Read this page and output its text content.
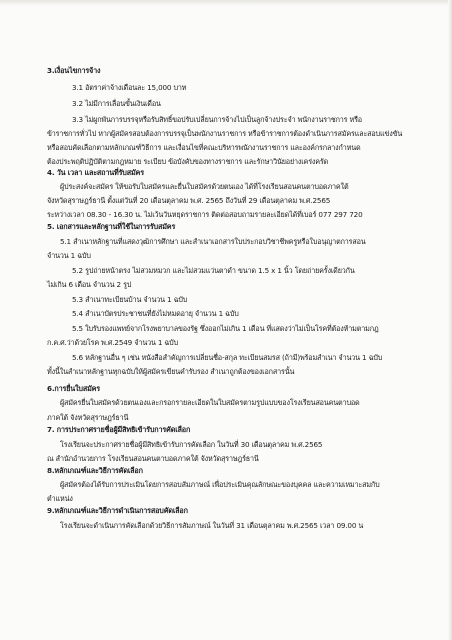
3.เงื่อนไขการจ้าง
3.1 อัตราค่าจ้างเดือนละ 15,000 บาท
3.2 ไม่มีการเลื่อนขั้นเงินเดือน
3.3 ไม่ผูกพันการบรรจุหรือรับสิทธิ์ขอปรับเปลี่ยนการจ้างไปเป็นลูกจ้างประจำ พนักงานราชการ หรือ
ข้าราชการทั่วไป หากผู้สมัครสอบต้องการบรรจุเป็นพนักงานราชการ หรือข้าราชการต้องดำเนินการสมัครและสอบแข่งขัน
หรือสอบคัดเลือกตามหลักเกณฑ์วิธีการ และเงื่อนไขที่คณะบริหารพนักงานราชการ และองค์กรกลางกำหนด
ต้องประพฤติปฏิบัติตามกฎหมาย ระเบียบ ข้อบังคับของทางราชการ และรักษาวินัยอย่างเคร่งครัด
4. วัน เวลา และสถานที่รับสมัคร
ผู้ประสงค์จะสมัคร ให้ขอรับใบสมัครและยื่นใบสมัครด้วยตนเอง ได้ที่โรงเรียนสอนคนตาบอดภาคใต้
จังหวัดสุราษฎร์ธานี ตั้งแต่วันที่ 20 เดือนตุลาคม พ.ศ. 2565 ถึงวันที่ 29 เดือนตุลาคม พ.ศ.2565
ระหว่างเวลา 08.30 - 16.30 น. ไม่เว้นวันหยุดราชการ ติดต่อสอบถามรายละเอียดได้ที่เบอร์ 077 297 720
5. เอกสารและหลักฐานที่ใช้ในการรับสมัคร
5.1 สำเนาหลักฐานที่แสดงวุฒิการศึกษา และสำเนาเอกสารใบประกอบวิชาชีพครูหรือใบอนุญาตการสอน
จำนวน 1 ฉบับ
5.2 รูปถ่ายหน้าตรง ไม่สวมหมวก และไม่สวมแว่นตาดำ ขนาด 1.5 x 1 นิ้ว โดยถ่ายครั้งเดียวกัน
ไม่เกิน 6 เดือน จำนวน 2 รูป
5.3 สำเนาทะเบียนบ้าน จำนวน 1 ฉบับ
5.4 สำเนาบัตรประชาชนที่ยังไม่หมดอายุ จำนวน 1 ฉบับ
5.5 ใบรับรองแพทย์จากโรงพยาบาลของรัฐ ซึ่งออกไม่เกิน 1 เดือน ที่แสดงว่าไม่เป็นโรคที่ต้องห้ามตามกฎ
ก.ค.ศ.ว่าด้วยโรค พ.ศ.2549 จำนวน 1 ฉบับ
5.6 หลักฐานอื่น ๆ เช่น หนังสือสำคัญการเปลี่ยนชื่อ-สกุล ทะเบียนสมรส (ถ้ามี)พร้อมสำเนา จำนวน 1 ฉบับ
ทั้งนี้ในสำเนาหลักฐานทุกฉบับให้ผู้สมัครเขียนคำรับรอง สำเนาถูกต้องของเอกสารนั้น
6.การยื่นใบสมัคร
ผู้สมัครยื่นใบสมัครด้วยตนเองและกรอกรายละเอียดในใบสมัครตามรูปแบบของโรงเรียนสอนคนตาบอด
ภาคใต้ จังหวัดสุราษฎร์ธานี
7. การประกาศรายชื่อผู้มีสิทธิเข้ารับการคัดเลือก
โรงเรียนจะประกาศรายชื่อผู้มีสิทธิเข้ารับการคัดเลือก ในวันที่ 30 เดือนตุลาคม พ.ศ.2565
ณ สำนักอำนวยการ โรงเรียนสอนคนตาบอดภาคใต้ จังหวัดสุราษฎร์ธานี
8.หลักเกณฑ์และวิธีการคัดเลือก
ผู้สมัครต้องได้รับการประเมินโดยการสอบสัมภาษณ์ เพื่อประเมินคุณลักษณะของบุคคล และความเหมาะสมกับ
ตำแหน่ง
9.หลักเกณฑ์และวิธีการดำเนินการสอบคัดเลือก
โรงเรียนจะดำเนินการคัดเลือกด้วยวิธีการสัมภาษณ์ ในวันที่ 31 เดือนตุลาคม พ.ศ.2565 เวลา 09.00 น
